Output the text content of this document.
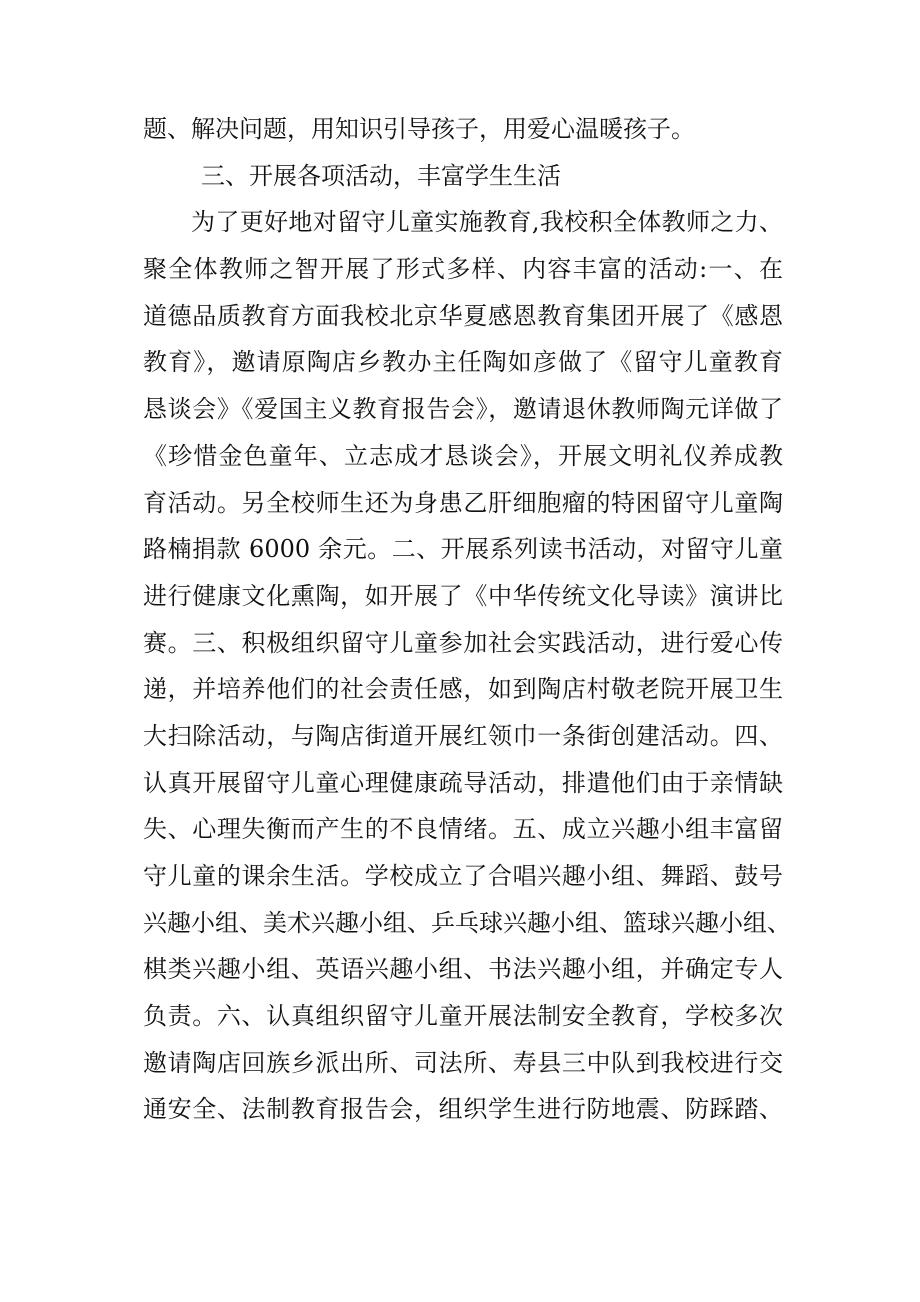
题、解决问题，用知识引导孩子，用爱心温暖孩子。
三、开展各项活动，丰富学生生活
为了更好地对留守儿童实施教育,我校积全体教师之力、
聚全体教师之智开展了形式多样、内容丰富的活动:一、在
道德品质教育方面我校北京华夏感恩教育集团开展了《感恩
教育》，邀请原陶店乡教办主任陶如彦做了《留守儿童教育
恳谈会》《爱国主义教育报告会》，邀请退休教师陶元详做了
《珍惜金色童年、立志成才恳谈会》，开展文明礼仪养成教
育活动。另全校师生还为身患乙肝细胞瘤的特困留守儿童陶
路楠捐款 6000 余元。二、开展系列读书活动，对留守儿童
进行健康文化熏陶，如开展了《中华传统文化导读》演讲比
赛。三、积极组织留守儿童参加社会实践活动，进行爱心传
递，并培养他们的社会责任感，如到陶店村敬老院开展卫生
大扫除活动，与陶店街道开展红领巾一条街创建活动。四、
认真开展留守儿童心理健康疏导活动，排遣他们由于亲情缺
失、心理失衡而产生的不良情绪。五、成立兴趣小组丰富留
守儿童的课余生活。学校成立了合唱兴趣小组、舞蹈、鼓号
兴趣小组、美术兴趣小组、乒乓球兴趣小组、篮球兴趣小组、
棋类兴趣小组、英语兴趣小组、书法兴趣小组，并确定专人
负责。六、认真组织留守儿童开展法制安全教育，学校多次
邀请陶店回族乡派出所、司法所、寿县三中队到我校进行交
通安全、法制教育报告会，组织学生进行防地震、防踩踏、
